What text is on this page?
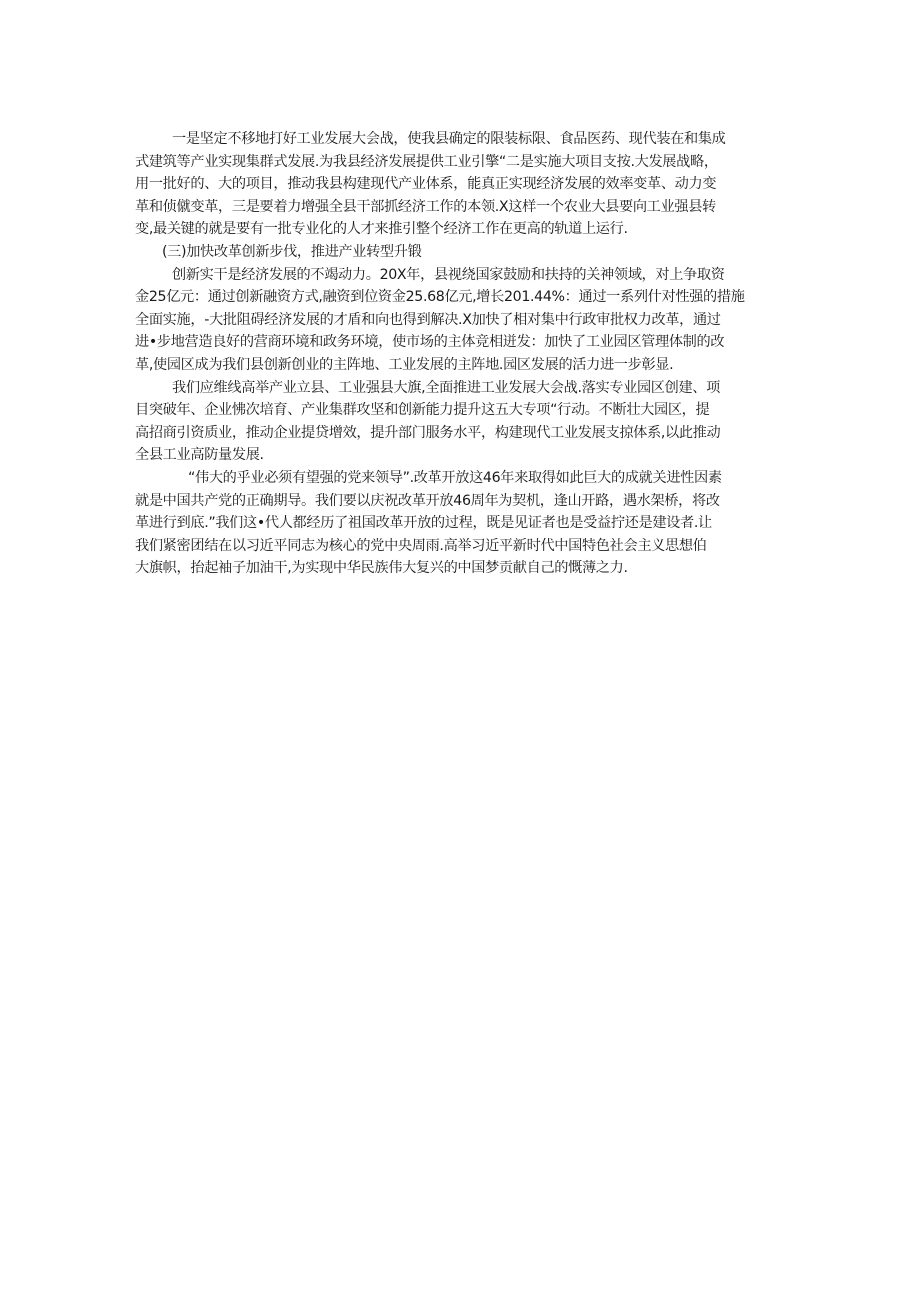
一是坚定不移地打好工业发展大会战，使我县确定的限装标限、食品医药、现代装在和集成
式建筑等产业实现集群式发展.为我县经济发展提供工业引擎“二是实施大项目支按.大发展战略，
用一批好的、大的项目，推动我县构建现代产业体系，能真正实现经济发展的效率变革、动力变
革和侦僦变革，三是要着力增强全县干部抓经济工作的本领.X这样一个农业大县要向工业强县转
变,最关键的就是要有一批专业化的人才来推引整个经济工作在更高的轨道上运行.
(三)加快改革创新步伐，推进产业转型升锻
创新实干是经济发展的不竭动力。20X年，县视绕国家鼓励和扶持的关神领域，对上争取资
金25亿元：通过创新融资方式,融资到位资金25.68亿元,增长201.44%：通过一系列什对性强的措施
全面实施，-大批阻碍经济发展的才盾和向也得到解决.X加快了相对集中行政审批权力改革，通过
进•步地营造良好的营商环境和政务环境，使市场的主体竞相迸发：加快了工业园区管理体制的改
革,使园区成为我们县创新创业的主阵地、工业发展的主阵地.园区发展的活力进一步彰显.
我们应维线高举产业立县、工业强县大旗,全面推进工业发展大会战.落实专业园区创建、项
目突破年、企业怫次培育、产业集群攻坚和创新能力提升这五大专项“行动。不断壮大园区，提
高招商引资质业，推动企业提贷增效，提升部门服务水平，构建现代工业发展支掠体系,以此推动
全县工业高防量发展.
“伟大的乎业必须有望强的党来领导”.改革开放这46年来取得如此巨大的成就关进性因素
就是中国共产党的正确期导。我们要以庆祝改革开放46周年为契机，逢山开路，遇水架桥，将改
革进行到底.”我们这•代人都经历了祖国改革开放的过程，既是见证者也是受益拧还是建设者.让
我们紧密团结在以习近平同志为核心的党中央周雨.高举习近平新时代中国特色社会主义思想伯
大旗帜，抬起袖子加油干,为实现中华民族伟大复兴的中国梦贡献自己的慨薄之力.
